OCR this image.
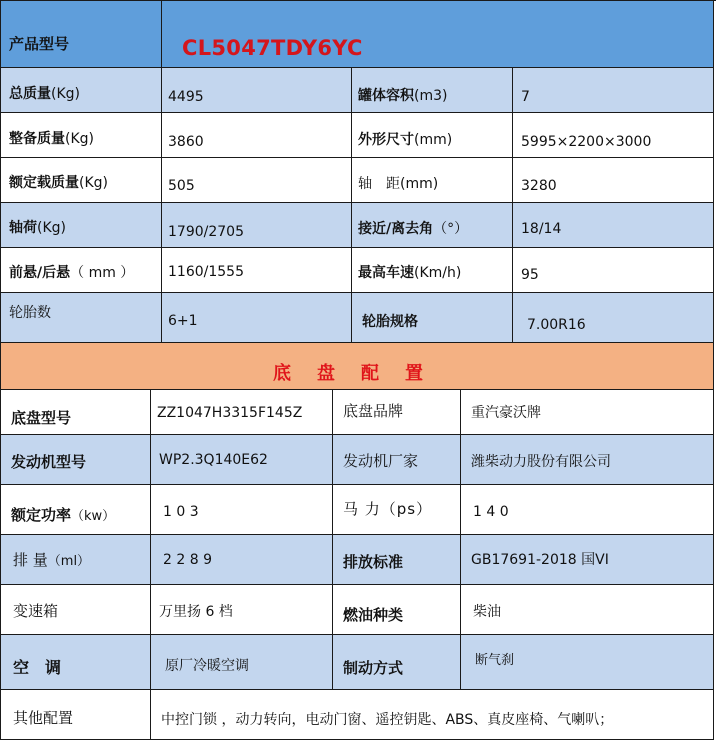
产品型号	CL5047TDY6YC
总质量(Kg)	4495	罐体容积(m3)	7
整备质量(Kg)	3860	外形尺寸(mm)	5995×2200×3000
额定载质量(Kg)	505	轴　距(mm)	3280
轴荷(Kg)	1790/2705	接近/离去角（°）	18/14
前悬/后悬（ mm ） 1160/1555	最高车速(Km/h)	95
轮胎数	6+1	轮胎规格	7.00R16
底盘配置
底盘型号	ZZ1047H3315F145Z	底盘品牌	重汽豪沃牌
发动机型号	WP2.3Q140E62	发动机厂家	潍柴动力股份有限公司
额定功率（kw）	1 0 3	马 力（ps）	1 4 0
排 量（ml）	2 2 8 9	排放标准	GB17691-2018 国VI
变速箱	万里扬 6 档	燃油种类	柴油
空　调	原厂冷暖空调	制动方式	断气刹
其他配置	中控门锁 ，动力转向，电动门窗、遥控钥匙、ABS、真皮座椅、气喇叭；
